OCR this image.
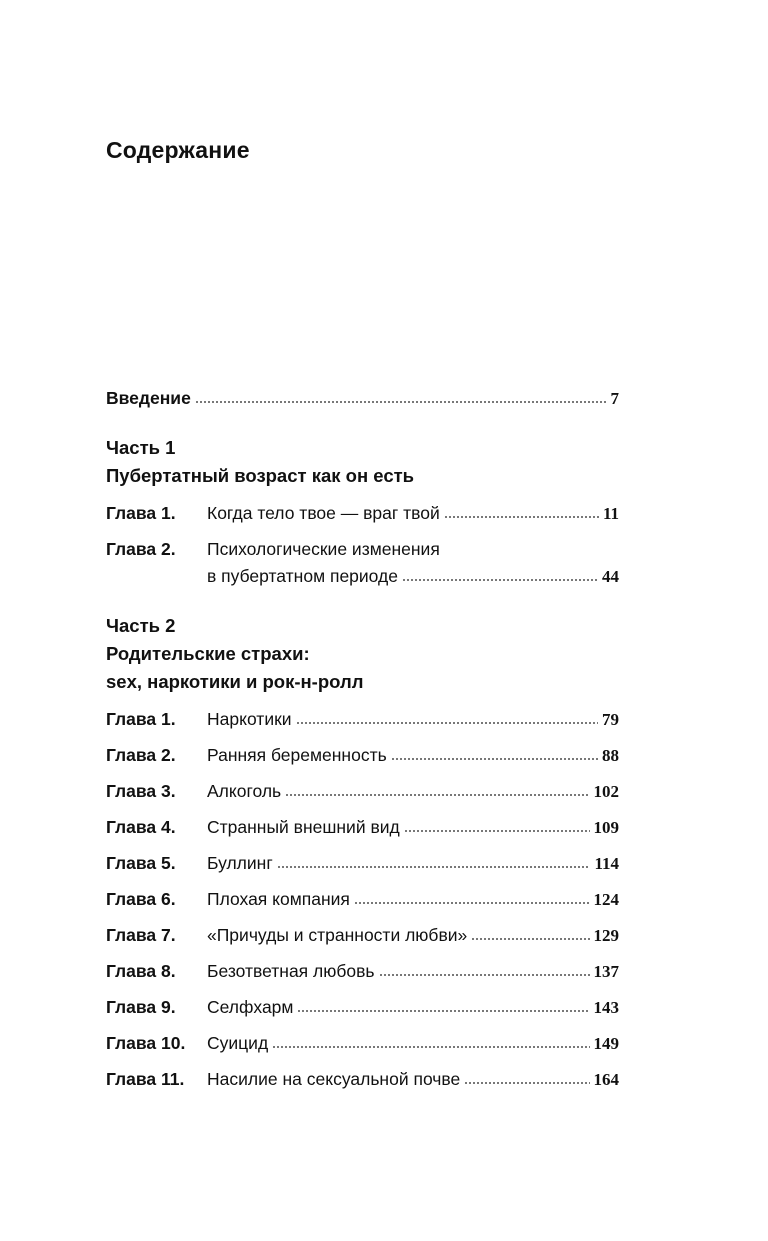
Содержание
Введение	7
Часть 1
Пубертатный возраст как он есть
Глава 1.	Когда тело твое — враг твой	11
Глава 2.	Психологические изменения
в пубертатном периоде	44
Часть 2
Родительские страхи:
sex, наркотики и рок-н-ролл
Глава 1.	Наркотики	79
Глава 2.	Ранняя беременность	88
Глава 3.	Алкоголь	102
Глава 4.	Странный внешний вид	109
Глава 5.	Буллинг	114
Глава 6.	Плохая компания	124
Глава 7.	«Причуды и странности любви»	129
Глава 8.	Безответная любовь	137
Глава 9.	Селфхарм	143
Глава 10.	Суицид	149
Глава 11.	Насилие на сексуальной почве	164
